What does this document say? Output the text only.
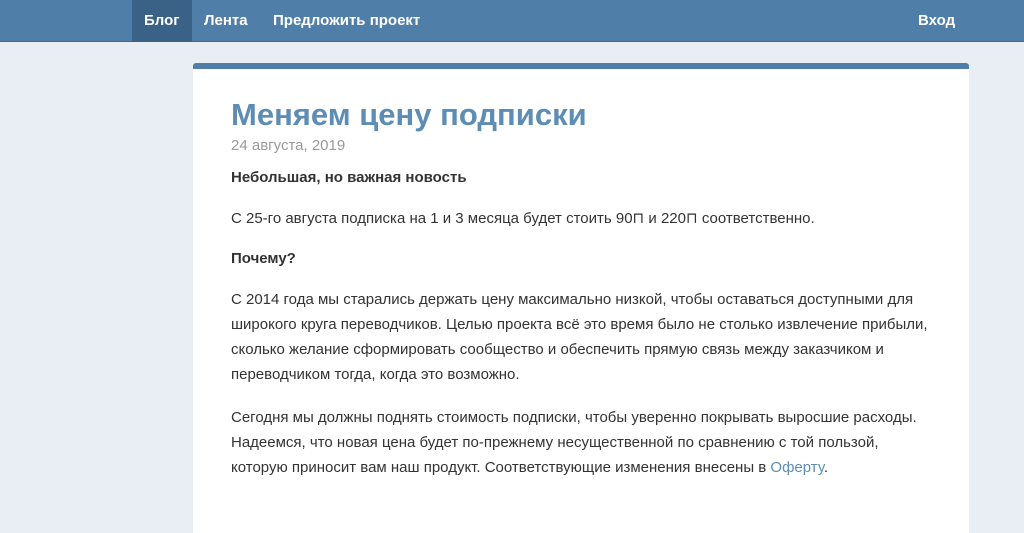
Блог	Лента Предложить проект	Вход
Меняем цену подписки
24 августа, 2019

Небольшая, но важная новость

С 25-го августа подписка на 1 и 3 месяца будет стоить 90⊓ и 220⊓ соответственно.

Почему?

С 2014 года мы старались держать цену максимально низкой, чтобы оставаться доступными для широкого круга переводчиков. Целью проекта всё это время было не столько извлечение прибыли, сколько желание сформировать сообщество и обеспечить прямую связь между заказчиком и переводчиком тогда, когда это возможно.

Сегодня мы должны поднять стоимость подписки, чтобы уверенно покрывать выросшие расходы. Надеемся, что новая цена будет по-прежнему несущественной по сравнению с той пользой, которую приносит вам наш продукт. Соответствующие изменения внесены в Оферту.
